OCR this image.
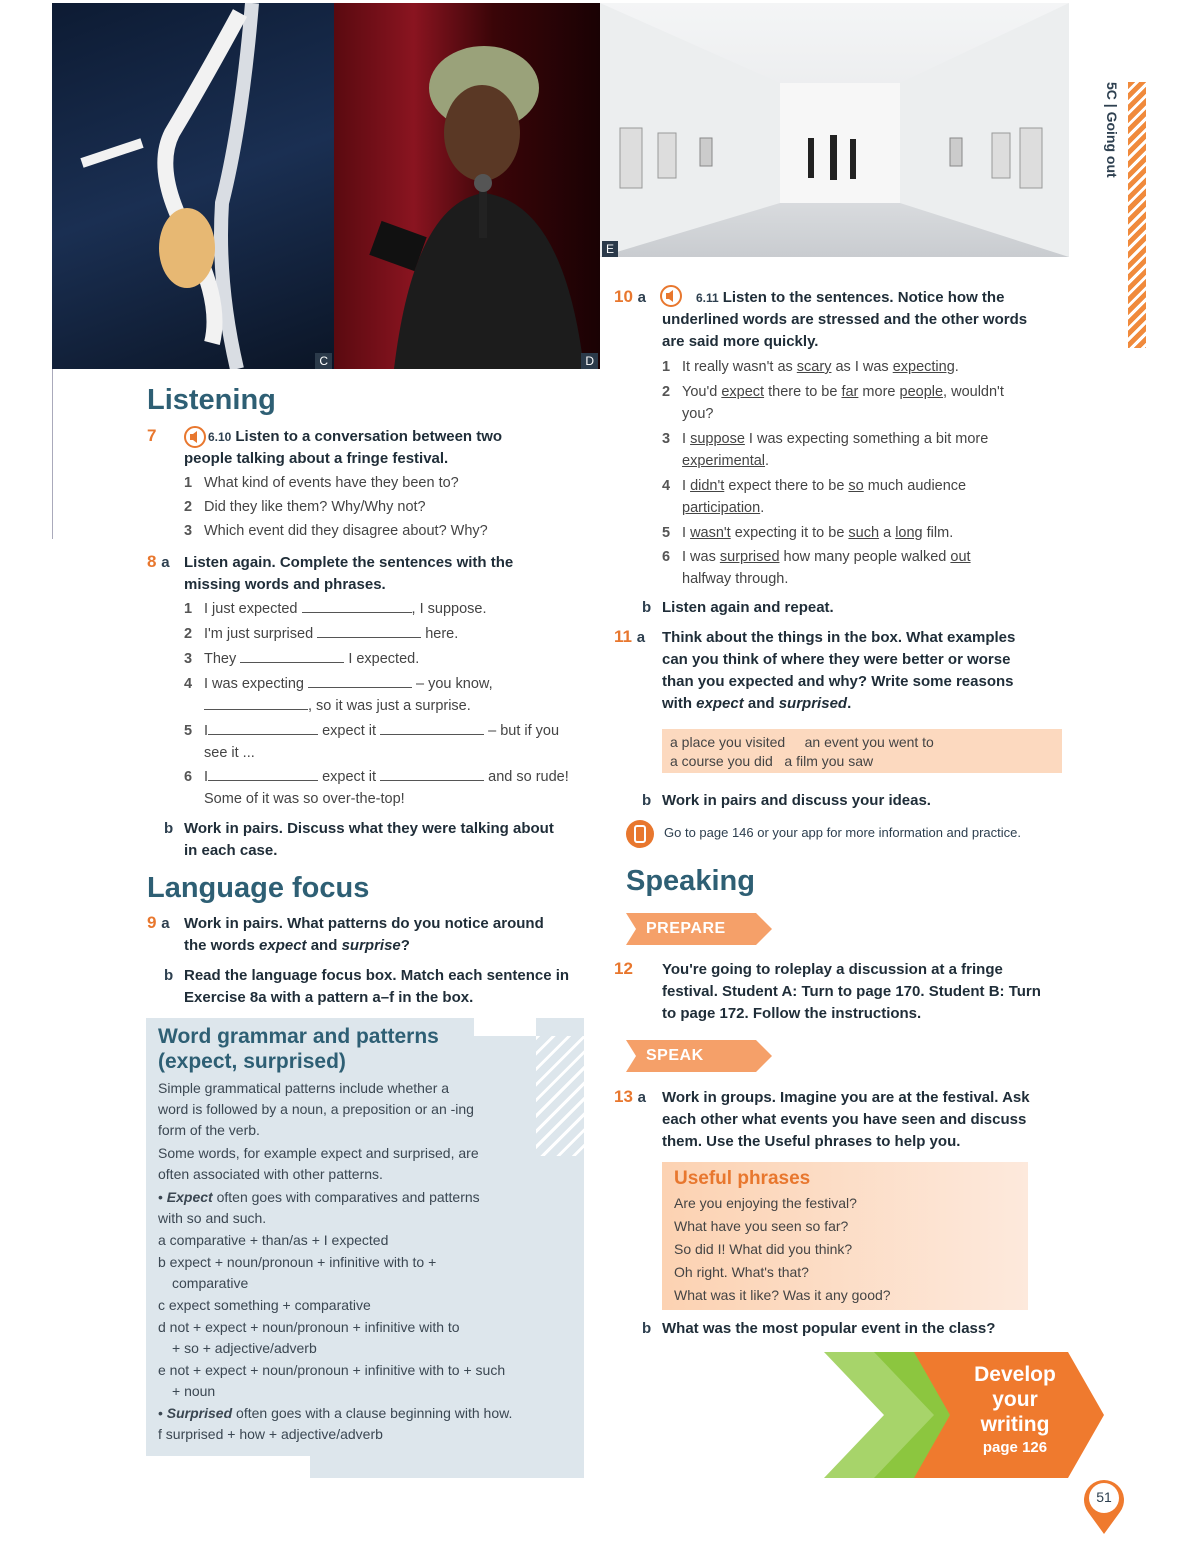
C	D
E
5C | Going out
Listening
7	6.10 Listen to a conversation between two
people talking about a fringe festival.
1 What kind of events have they been to?
2 Did they like them? Why/Why not?
3 Which event did they disagree about? Why?
8 a Listen again. Complete the sentences with the
missing words and phrases.
1 I just expected	, I suppose.
2 I'm just surprised	here.
3 They	I expected.
4 I was expecting	– you know,
, so it was just a surprise.
5 I	expect it	– but if you
see it ...
6 I	expect it	and so rude!
Some of it was so over-the-top!
b Work in pairs. Discuss what they were talking about
in each case.
Language focus
9 a Work in pairs. What patterns do you notice around
the words expect and surprise?
b Read the language focus box. Match each sentence in
Exercise 8a with a pattern a–f in the box.
Word grammar and patterns
(expect, surprised)
Simple grammatical patterns include whether a
word is followed by a noun, a preposition or an -ing
form of the verb.
Some words, for example expect and surprised, are
often associated with other patterns.
• Expect often goes with comparatives and patterns
with so and such.
a comparative + than/as + I expected
b expect + noun/pronoun + infinitive with to +
comparative
c expect something + comparative
d not + expect + noun/pronoun + infinitive with to
+ so + adjective/adverb
e not + expect + noun/pronoun + infinitive with to + such
+ noun
• Surprised often goes with a clause beginning with how.
f surprised + how + adjective/adverb
10 a	6.11 Listen to the sentences. Notice how the
underlined words are stressed and the other words
are said more quickly.
1 It really wasn't as scary as I was expecting.
2 You'd expect there to be far more people, wouldn't
you?
3 I suppose I was expecting something a bit more
experimental.
4 I didn't expect there to be so much audience
participation.
5 I wasn't expecting it to be such a long film.
6 I was surprised how many people walked out
halfway through.
b Listen again and repeat.
11 a Think about the things in the box. What examples
can you think of where they were better or worse
than you expected and why? Write some reasons
with expect and surprised.
a place you visited an event you went to
a course you did a film you saw
b Work in pairs and discuss your ideas.
Go to page 146 or your app for more information and practice.
Speaking
PREPARE
12 You're going to roleplay a discussion at a fringe
festival. Student A: Turn to page 170. Student B: Turn
to page 172. Follow the instructions.
SPEAK
13 a Work in groups. Imagine you are at the festival. Ask
each other what events you have seen and discuss
them. Use the Useful phrases to help you.
Useful phrases
Are you enjoying the festival?
What have you seen so far?
So did I! What did you think?
Oh right. What's that?
What was it like? Was it any good?
b What was the most popular event in the class?
Develop
your
writing
page 126
51
